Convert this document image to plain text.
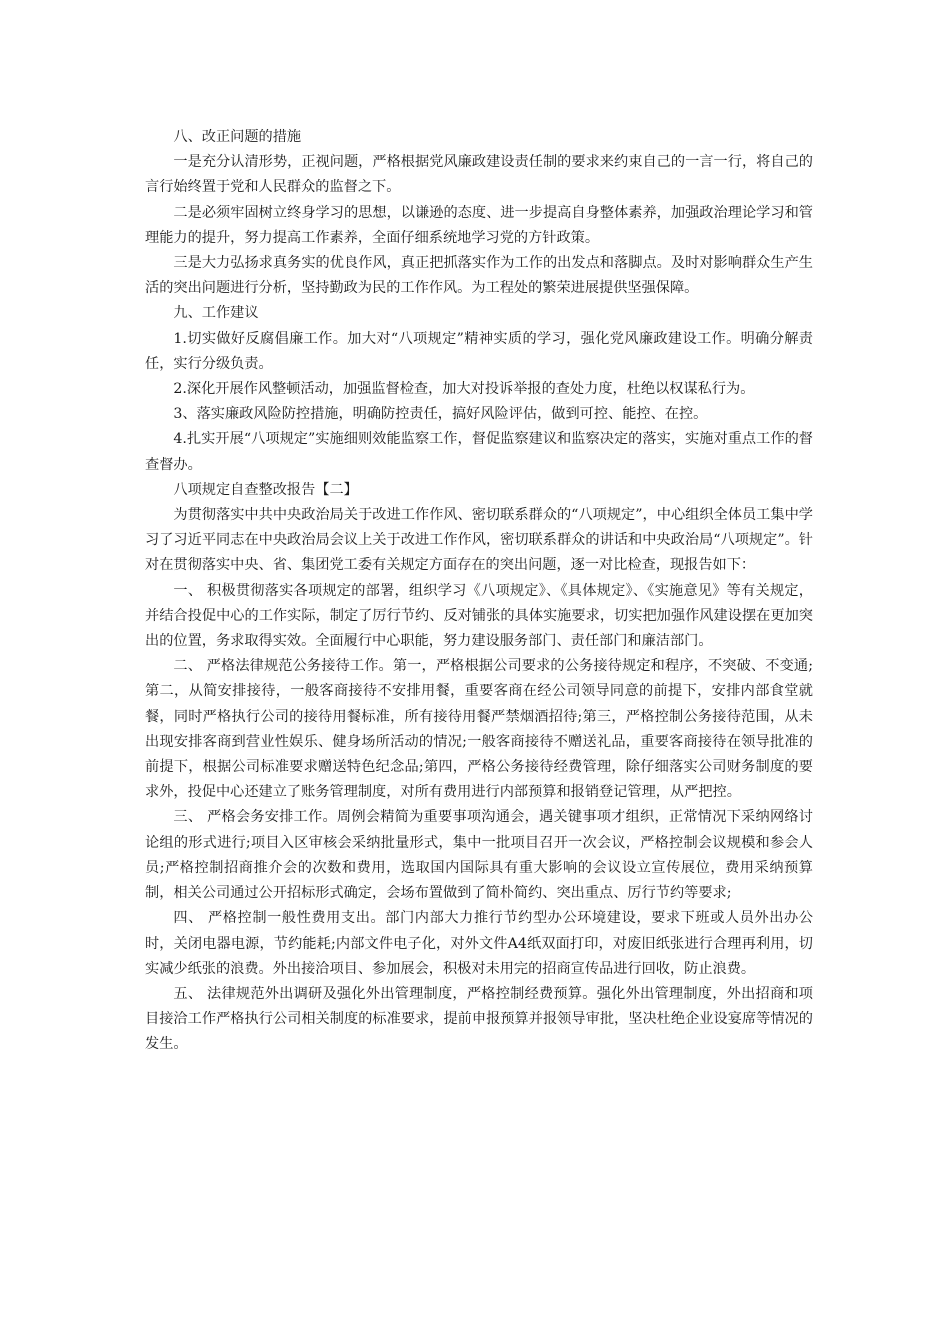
八、改正问题的措施

一是充分认清形势，正视问题，严格根据党风廉政建设责任制的要求来约束自己的一言一行，将自己的言行始终置于党和人民群众的监督之下。

二是必须牢固树立终身学习的思想，以谦逊的态度、进一步提高自身整体素养，加强政治理论学习和管理能力的提升，努力提高工作素养，全面仔细系统地学习党的方针政策。

三是大力弘扬求真务实的优良作风，真正把抓落实作为工作的出发点和落脚点。及时对影响群众生产生活的突出问题进行分析，坚持勤政为民的工作作风。为工程处的繁荣进展提供坚强保障。

九、工作建议

1.切实做好反腐倡廉工作。加大对“八项规定”精神实质的学习，强化党风廉政建设工作。明确分解责任，实行分级负责。

2.深化开展作风整顿活动，加强监督检查，加大对投诉举报的查处力度，杜绝以权谋私行为。

3、落实廉政风险防控措施，明确防控责任，搞好风险评估，做到可控、能控、在控。

4.扎实开展“八项规定”实施细则效能监察工作，督促监察建议和监察决定的落实，实施对重点工作的督查督办。

八项规定自查整改报告【二】

为贯彻落实中共中央政治局关于改进工作作风、密切联系群众的“八项规定”，中心组织全体员工集中学习了习近平同志在中央政治局会议上关于改进工作作风，密切联系群众的讲话和中央政治局“八项规定”。针对在贯彻落实中央、省、集团党工委有关规定方面存在的突出问题，逐一对比检查，现报告如下：

一、 积极贯彻落实各项规定的部署，组织学习《八项规定》、《具体规定》、《实施意见》等有关规定，并结合投促中心的工作实际，制定了厉行节约、反对铺张的具体实施要求，切实把加强作风建设摆在更加突出的位置，务求取得实效。全面履行中心职能，努力建设服务部门、责任部门和廉洁部门。

二、 严格法律规范公务接待工作。第一，严格根据公司要求的公务接待规定和程序，不突破、不变通;第二，从简安排接待，一般客商接待不安排用餐，重要客商在经公司领导同意的前提下，安排内部食堂就餐，同时严格执行公司的接待用餐标准，所有接待用餐严禁烟酒招待;第三，严格控制公务接待范围，从未出现安排客商到营业性娱乐、健身场所活动的情况;一般客商接待不赠送礼品，重要客商接待在领导批准的前提下，根据公司标准要求赠送特色纪念品;第四，严格公务接待经费管理，除仔细落实公司财务制度的要求外，投促中心还建立了账务管理制度，对所有费用进行内部预算和报销登记管理，从严把控。

三、 严格会务安排工作。周例会精简为重要事项沟通会，遇关键事项才组织，正常情况下采纳网络讨论组的形式进行;项目入区审核会采纳批量形式，集中一批项目召开一次会议，严格控制会议规模和参会人员;严格控制招商推介会的次数和费用，选取国内国际具有重大影响的会议设立宣传展位，费用采纳预算制，相关公司通过公开招标形式确定，会场布置做到了简朴简约、突出重点、厉行节约等要求;

四、 严格控制一般性费用支出。部门内部大力推行节约型办公环境建设，要求下班或人员外出办公时，关闭电器电源，节约能耗;内部文件电子化，对外文件A4纸双面打印，对废旧纸张进行合理再利用，切实减少纸张的浪费。外出接洽项目、参加展会，积极对未用完的招商宣传品进行回收，防止浪费。

五、 法律规范外出调研及强化外出管理制度，严格控制经费预算。强化外出管理制度，外出招商和项目接洽工作严格执行公司相关制度的标准要求，提前申报预算并报领导审批，坚决杜绝企业设宴席等情况的发生。
